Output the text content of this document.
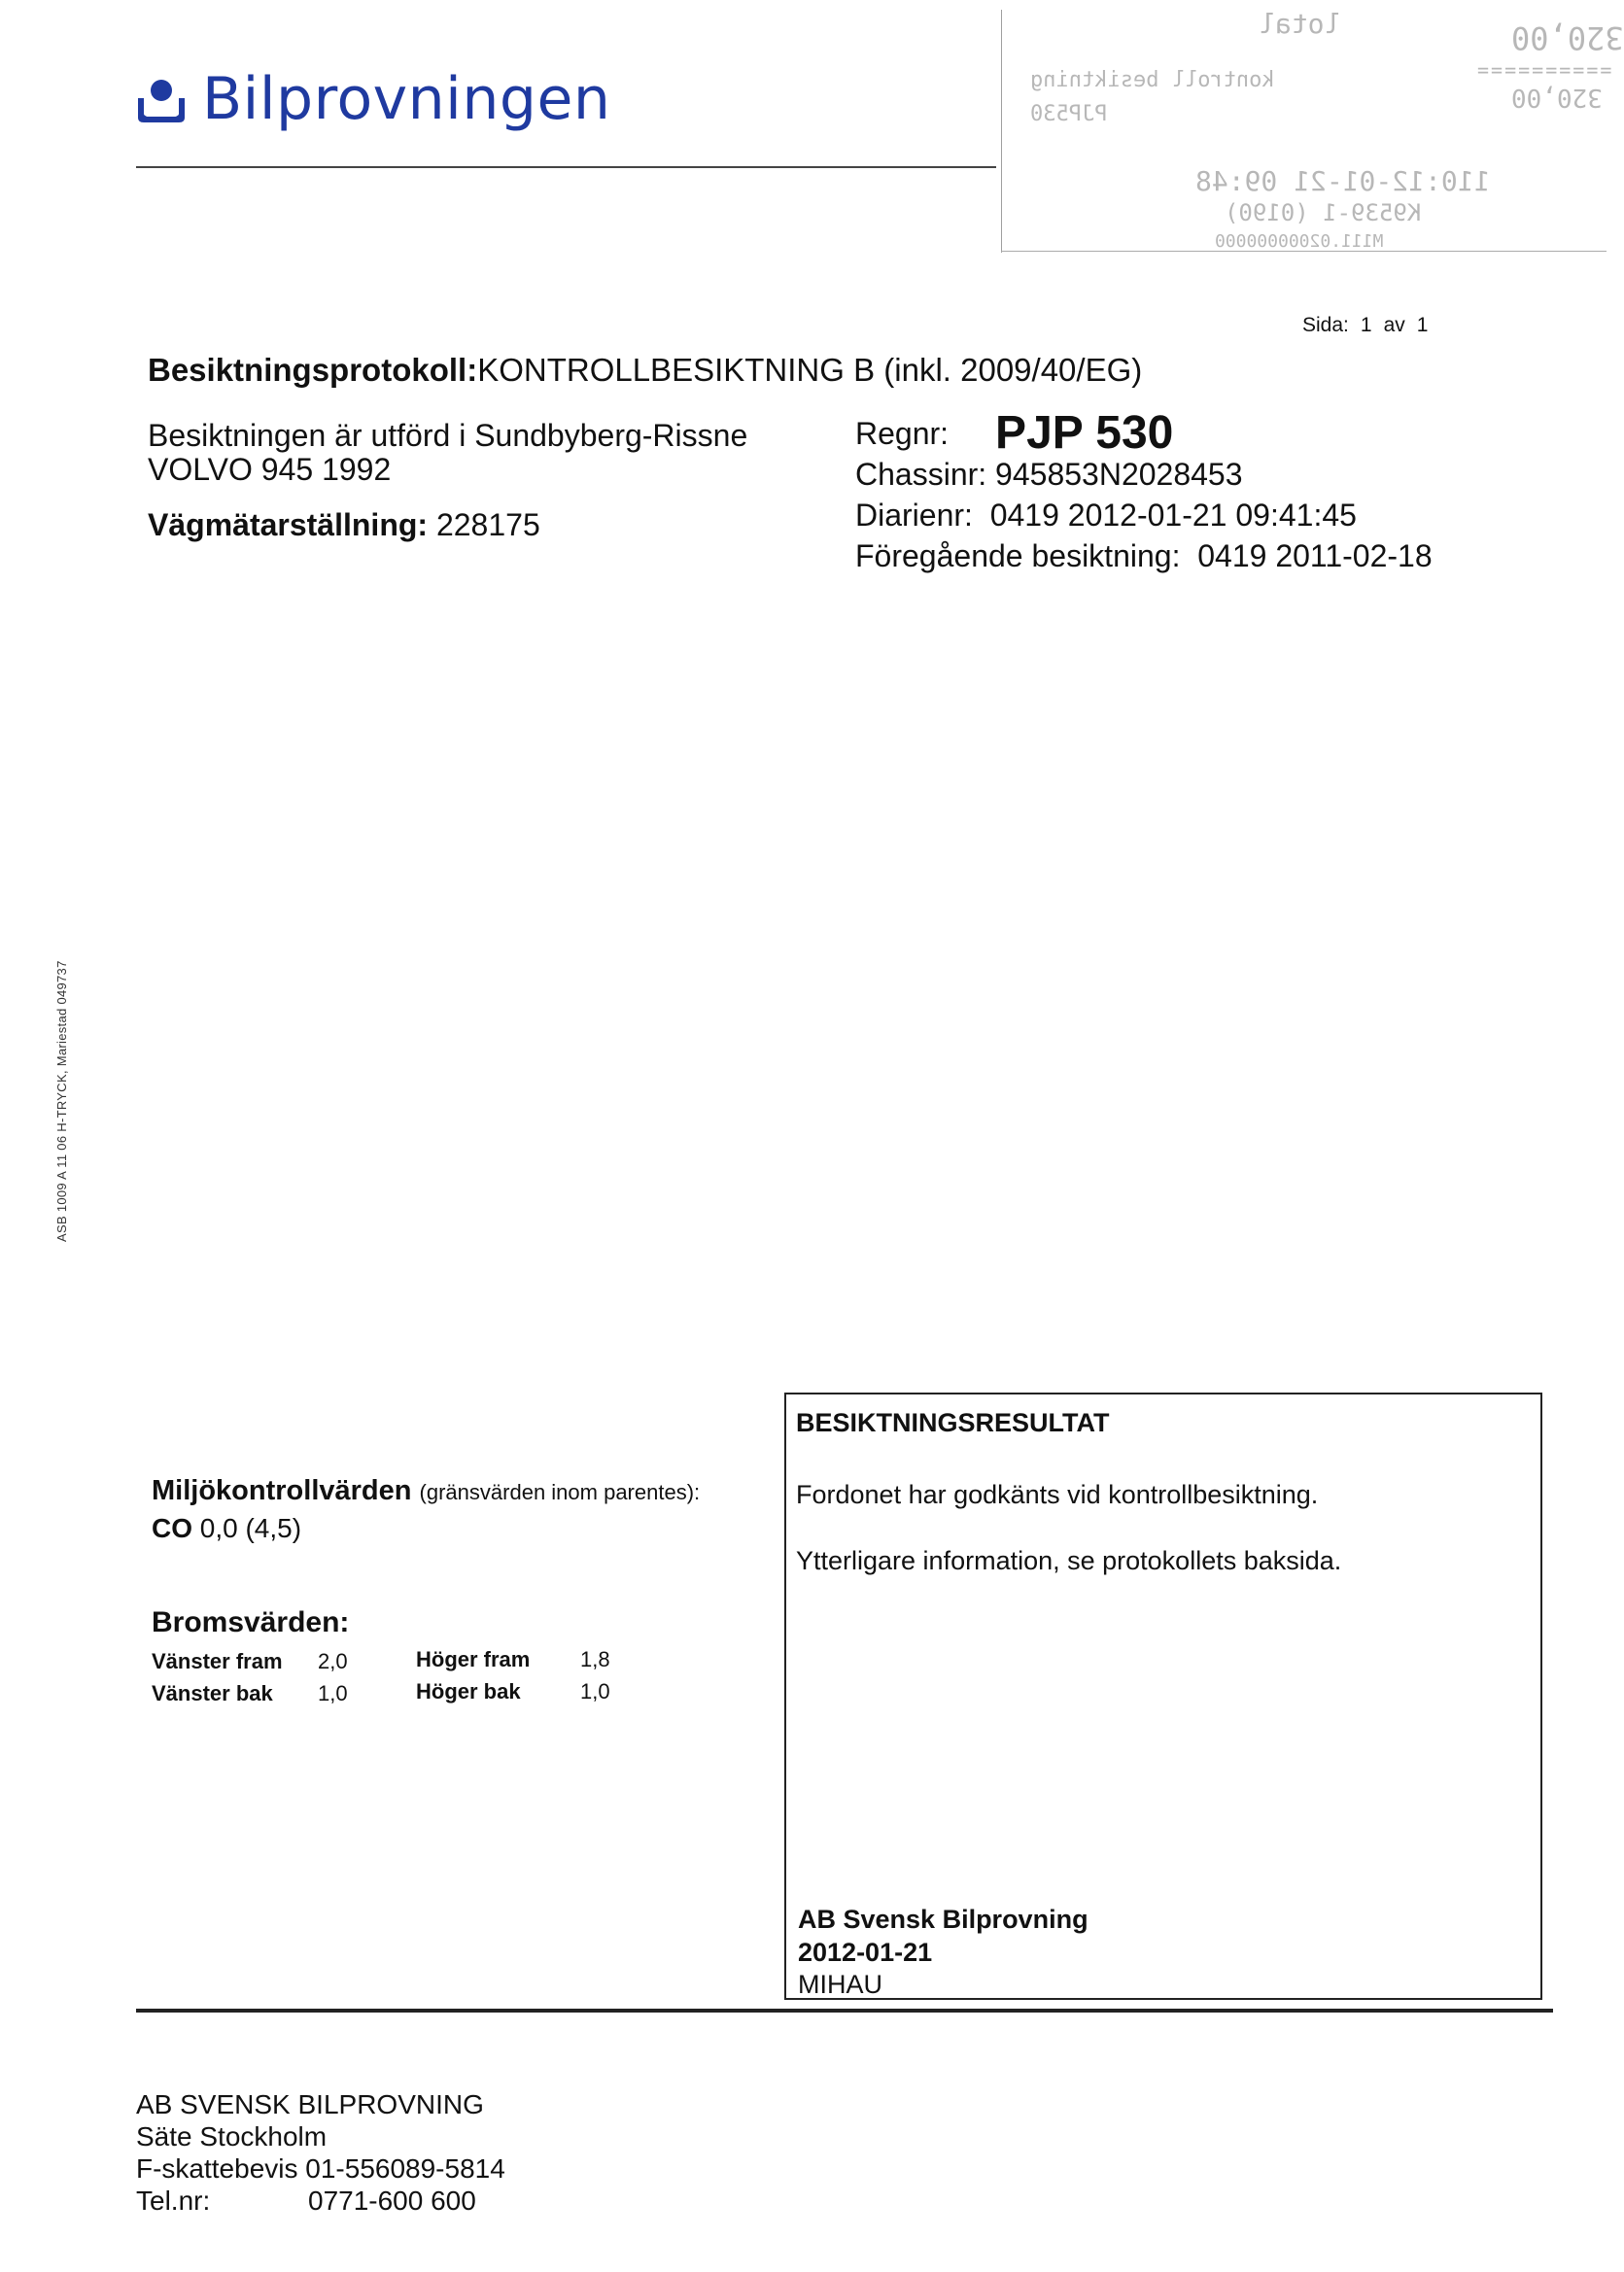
Bilprovningen
lotal	320,00
kontroll besiktning
PJP530
==========
320,00
110:12-01-21 09:48
K9539-1 (0190)
M111.02000000000
Sida: 1 av 1
Besiktningsprotokoll:KONTROLLBESIKTNING B (inkl. 2009/40/EG)
Besiktningen är utförd i Sundbyberg-Rissne
VOLVO 945 1992
Vägmätarställning: 228175
Regnr: PJP 530
Chassinr: 945853N2028453
Diarienr: 0419 2012-01-21 09:41:45
Föregående besiktning: 0419 2011-02-18
ASB 1009 A 11 06 H-TRYCK, Mariestad 049737
BESIKTNINGSRESULTAT
Fordonet har godkänts vid kontrollbesiktning.
Ytterligare information, se protokollets baksida.
AB Svensk Bilprovning
2012-01-21
MIHAU
Miljökontrollvärden (gränsvärden inom parentes):
CO 0,0 (4,5)
Bromsvärden:
Vänster fram 2,0	Höger fram 1,8
Vänster bak 1,0	Höger bak	1,0
AB SVENSK BILPROVNING
Säte Stockholm
F-skattebevis 01-556089-5814
Tel.nr:	0771-600 600
